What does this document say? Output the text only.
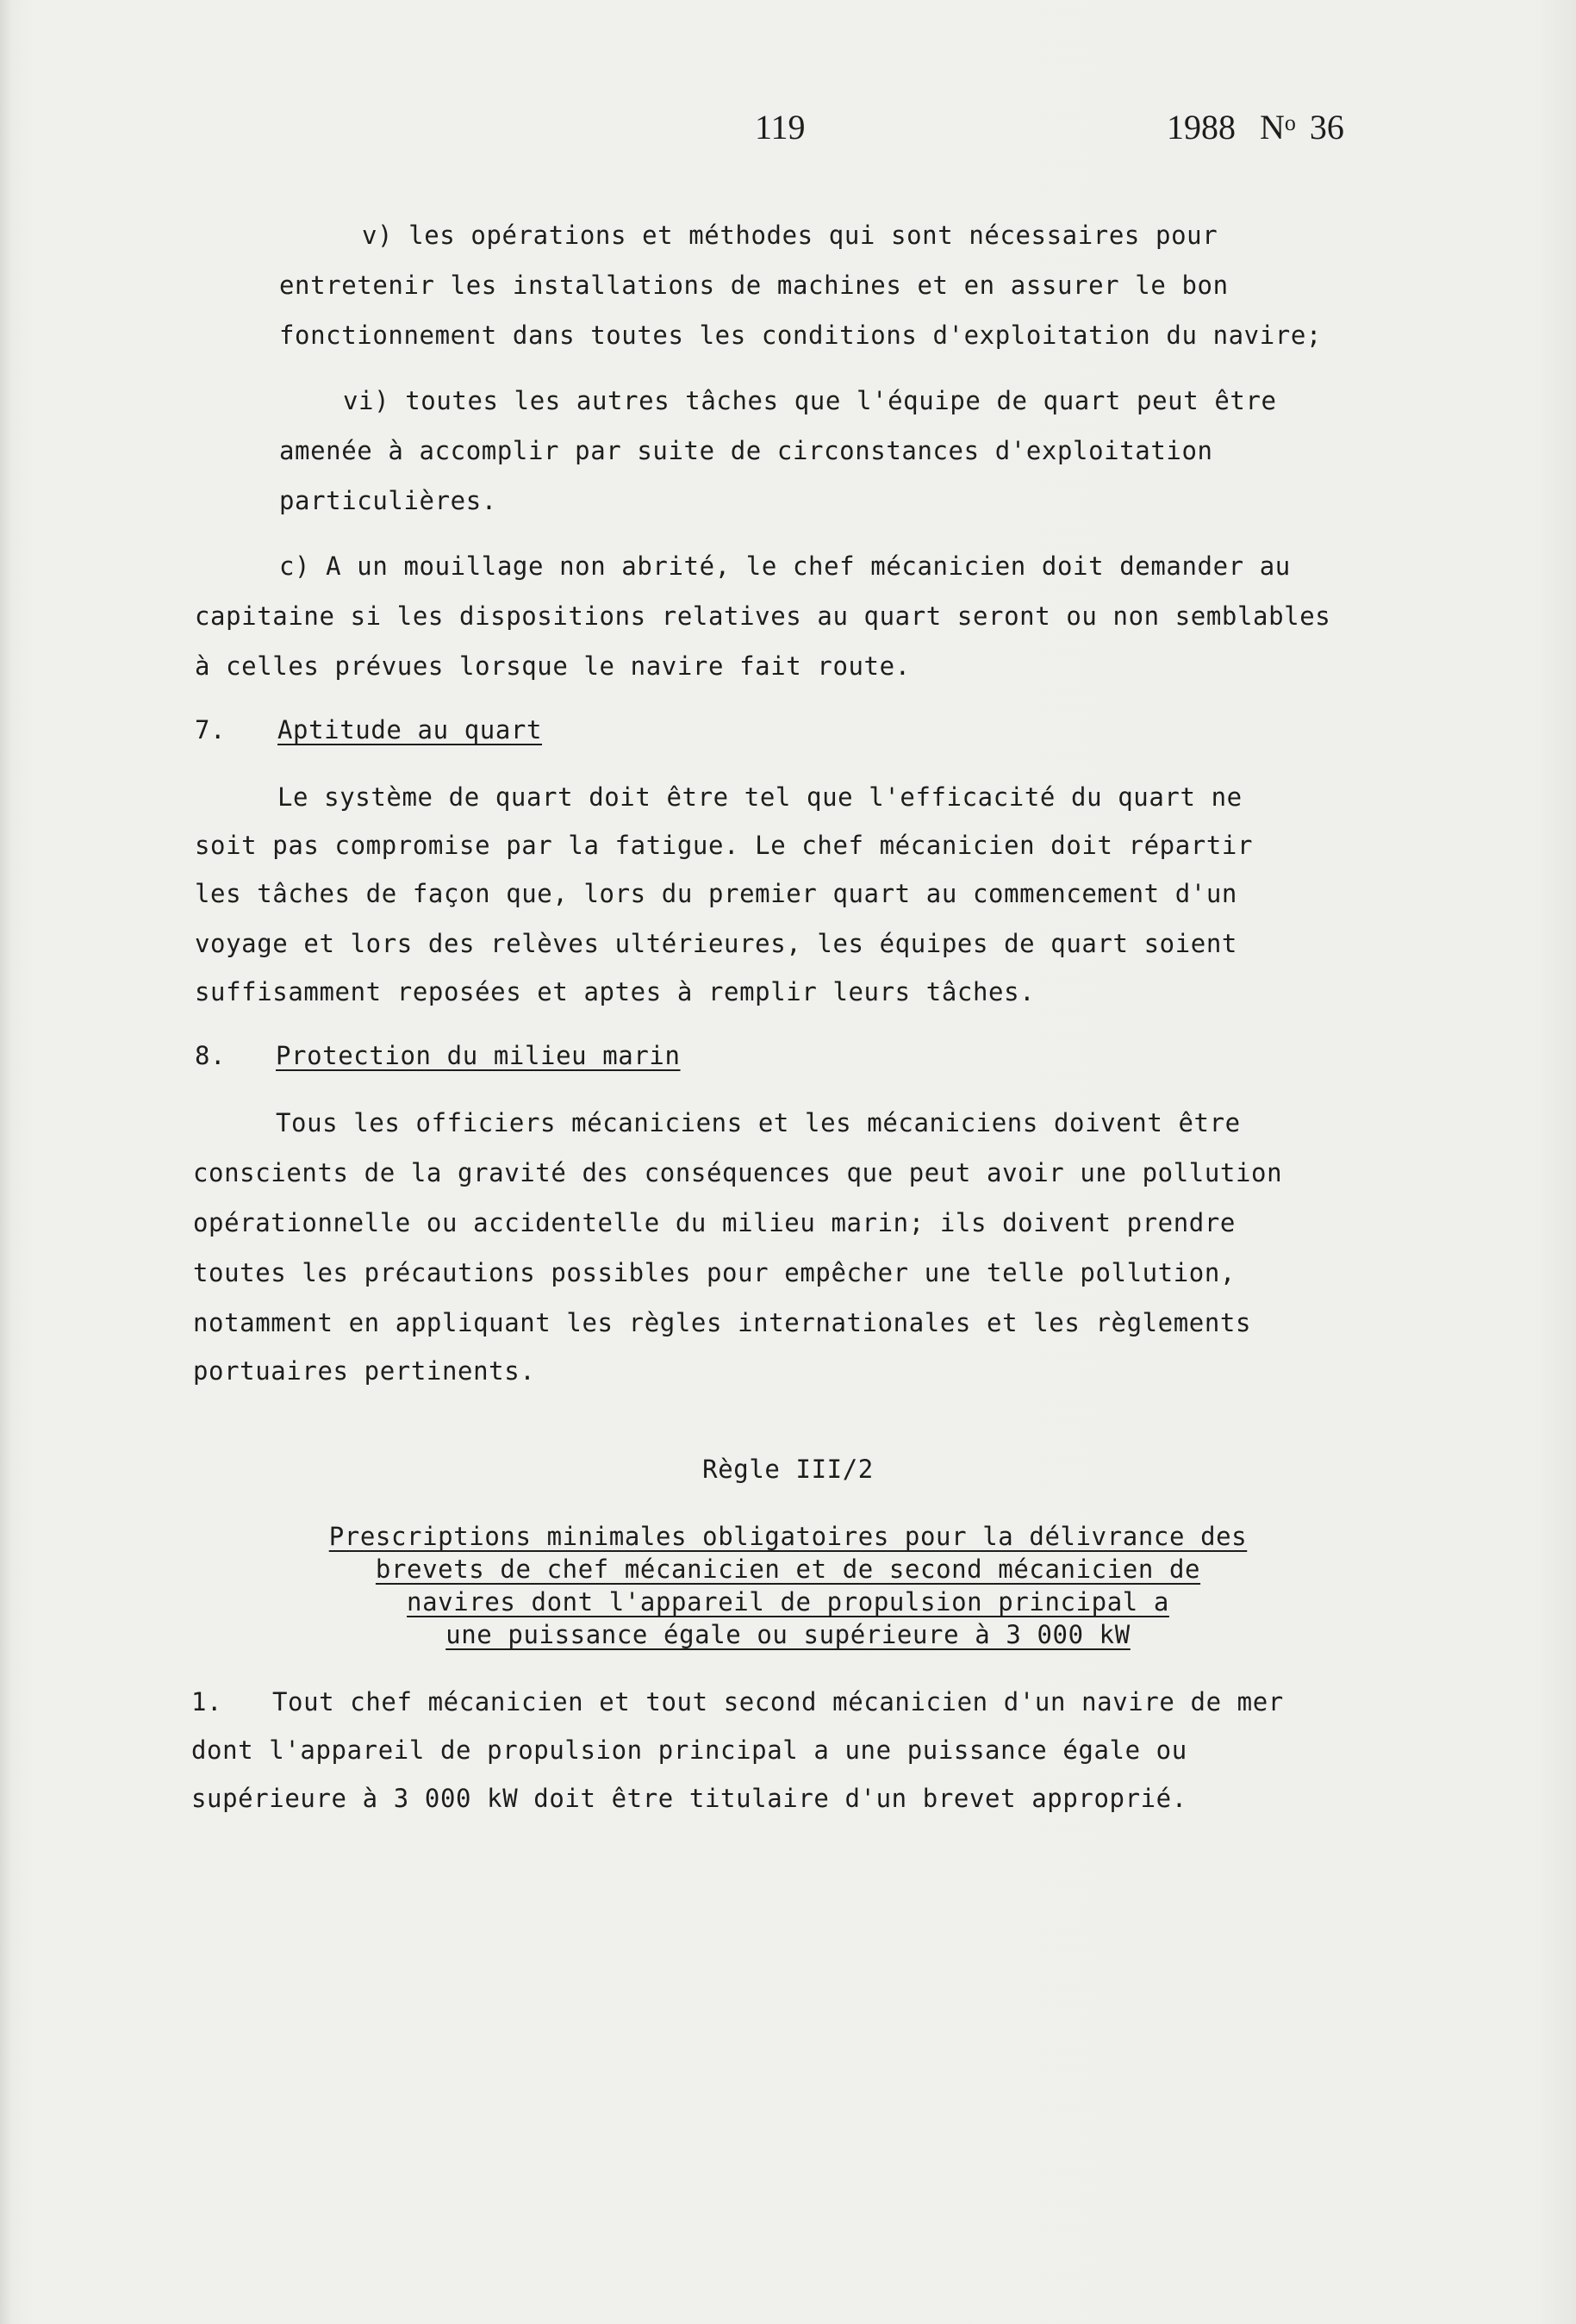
119	1988 $N^o$ 36
v) les opérations et méthodes qui sont nécessaires pour
entretenir les installations de machines et en assurer le bon
fonctionnement dans toutes les conditions d'exploitation du navire;
vi) toutes les autres tâches que l'équipe de quart peut être
amenée à accomplir par suite de circonstances d'exploitation
particulières.
c) A un mouillage non abrité, le chef mécanicien doit demander au
capitaine si les dispositions relatives au quart seront ou non semblables
à celles prévues lorsque le navire fait route.
7. Aptitude au quart
Le système de quart doit être tel que l'efficacité du quart ne
soit pas compromise par la fatigue. Le chef mécanicien doit répartir
les tâches de façon que, lors du premier quart au commencement d'un
voyage et lors des relèves ultérieures, les équipes de quart soient
suffisamment reposées et aptes à remplir leurs tâches.
8. Protection du milieu marin
Tous les officiers mécaniciens et les mécaniciens doivent être
conscients de la gravité des conséquences que peut avoir une pollution
opérationnelle ou accidentelle du milieu marin; ils doivent prendre
toutes les précautions possibles pour empêcher une telle pollution,
notamment en appliquant les règles internationales et les règlements
portuaires pertinents.
Règle III/2
Prescriptions minimales obligatoires pour la délivrance des
brevets de chef mécanicien et de second mécanicien de
navires dont l'appareil de propulsion principal a
une puissance égale ou supérieure à 3 000 kW
1. Tout chef mécanicien et tout second mécanicien d'un navire de mer
dont l'appareil de propulsion principal a une puissance égale ou
supérieure à 3 000 kW doit être titulaire d'un brevet approprié.
